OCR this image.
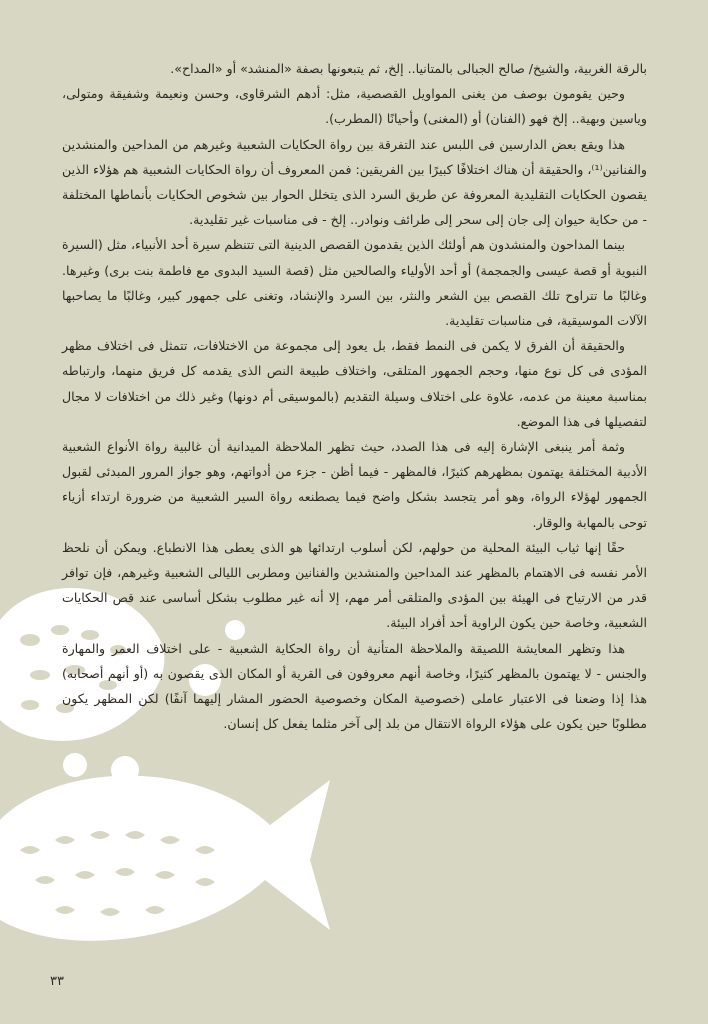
بالرقة الغربية، والشيخ/ صالح الجبالى بالمتانيا.. إلخ، ثم يتبعونها بصفة «المنشد» أو «المداح».

وحين يقومون بوصف من يغنى المواويل القصصية، مثل: أدهم الشرقاوى، وحسن ونعيمة وشفيقة ومتولى، وياسين وبهية.. إلخ فهو (الفنان) أو (المغنى) وأحيانًا (المطرب).

هذا ويقع بعض الدارسين فى اللبس عند التفرقة بين رواة الحكايات الشعبية وغيرهم من المداحين والمنشدين والفنانين⁽¹⁾، والحقيقة أن هناك اختلافًا كبيرًا بين الفريقين: فمن المعروف أن رواة الحكايات الشعبية هم هؤلاء الذين يقصون الحكايات التقليدية المعروفة عن طريق السرد الذى يتخلل الحوار بين شخوص الحكايات بأنماطها المختلفة - من حكاية حيوان إلى جان إلى سحر إلى طرائف ونوادر.. إلخ - فى مناسبات غير تقليدية.

بينما المداحون والمنشدون هم أولئك الذين يقدمون القصص الدينية التى تتنظم سيرة أحد الأنبياء، مثل (السيرة النبوية أو قصة عيسى والجمجمة) أو أحد الأولياء والصالحين مثل (قصة السيد البدوى مع فاطمة بنت برى) وغيرها. وغالبًا ما تتراوح تلك القصص بين الشعر والنثر، بين السرد والإنشاد، وتغنى على جمهور كبير، وغالبًا ما يصاحبها الآلات الموسيقية، فى مناسبات تقليدية.

والحقيقة أن الفرق لا يكمن فى النمط فقط، بل يعود إلى مجموعة من الاختلافات، تتمثل فى اختلاف مظهر المؤدى فى كل نوع منها، وحجم الجمهور المتلقى، واختلاف طبيعة النص الذى يقدمه كل فريق منهما، وارتباطه بمناسبة معينة من عدمه، علاوة على اختلاف وسيلة التقديم (بالموسيقى أم دونها) وغير ذلك من اختلافات لا مجال لتفصيلها فى هذا الموضع.

وثمة أمر ينبغى الإشارة إليه فى هذا الصدد، حيث تظهر الملاحظة الميدانية أن غالبية رواة الأنواع الشعبية الأدبية المختلفة يهتمون بمظهرهم كثيرًا، فالمظهر - فيما أظن - جزء من أدواتهم، وهو جواز المرور المبدئى لقبول الجمهور لهؤلاء الرواة، وهو أمر يتجسد بشكل واضح فيما يصطنعه رواة السير الشعبية من ضرورة ارتداء أزياء توحى بالمهابة والوقار.

حقًا إنها ثياب البيئة المحلية من حولهم، لكن أسلوب ارتدائها هو الذى يعطى هذا الانطباع. ويمكن أن نلحظ الأمر نفسه فى الاهتمام بالمظهر عند المداحين والمنشدين والفنانين ومطربى الليالى الشعبية وغيرهم، فإن توافر قدر من الارتياح فى الهيئة بين المؤدى والمتلقى أمر مهم، إلا أنه غير مطلوب بشكل أساسى عند قص الحكايات الشعبية، وخاصة حين يكون الراوية أحد أفراد البيئة.

هذا وتظهر المعايشة اللصيقة والملاحظة المتأنية أن رواة الحكاية الشعبية - على اختلاف العمر والمهارة والجنس - لا يهتمون بالمظهر كثيرًا، وخاصة أنهم معروفون فى القرية أو المكان الذى يقصون به (أو أنهم أصحابه) هذا إذا وضعنا فى الاعتبار عاملى (خصوصية المكان وخصوصية الحضور المشار إليهما آنفًا) لكن المظهر يكون مطلوبًا حين يكون على هؤلاء الرواة الانتقال من بلد إلى آخر مثلما يفعل كل إنسان.

٣٣
